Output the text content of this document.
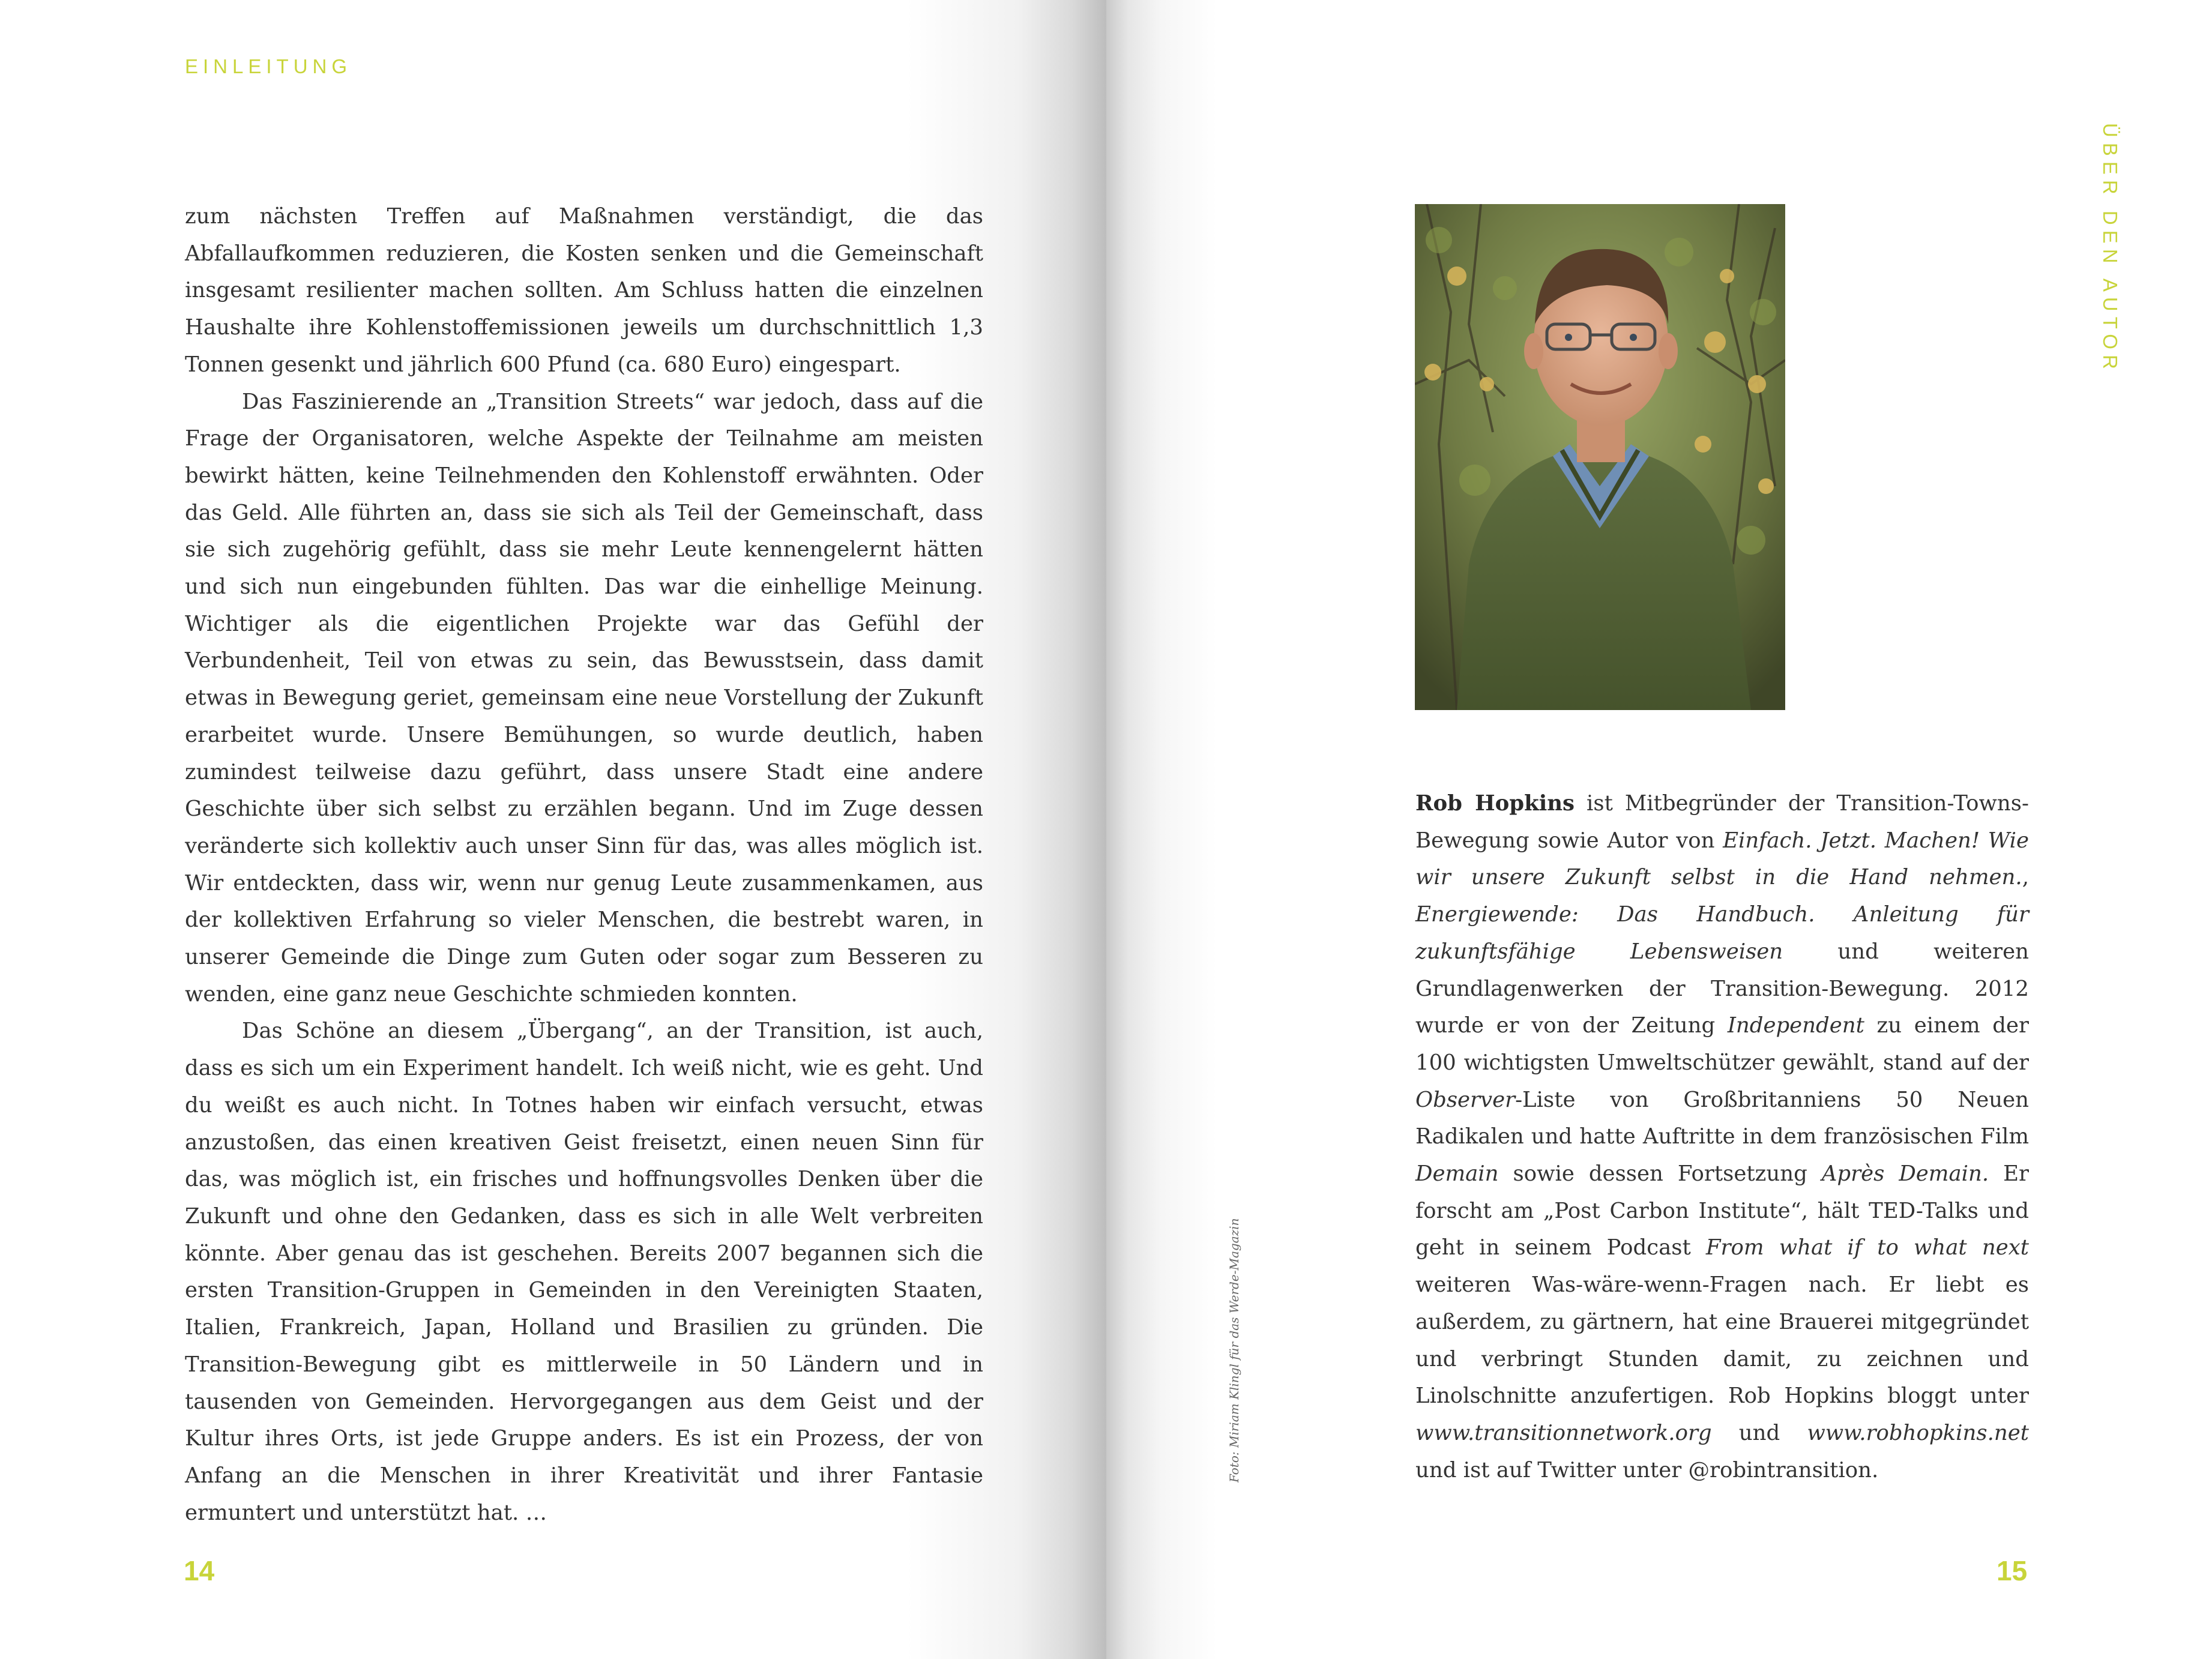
EINLEITUNG

zum nächsten Treffen auf Maßnahmen verständigt, die das Abfallaufkommen reduzieren, die Kosten senken und die Gemeinschaft insgesamt resilienter machen sollten. Am Schluss hatten die einzelnen Haushalte ihre Kohlenstoffemissionen jeweils um durchschnittlich 1,3 Tonnen gesenkt und jährlich 600 Pfund (ca. 680 Euro) eingespart.

Das Faszinierende an „Transition Streets“ war jedoch, dass auf die Frage der Organisatoren, welche Aspekte der Teilnahme am meisten bewirkt hätten, keine Teilnehmenden den Kohlenstoff erwähnten. Oder das Geld. Alle führten an, dass sie sich als Teil der Gemeinschaft, dass sie sich zugehörig gefühlt, dass sie mehr Leute kennengelernt hätten und sich nun eingebunden fühlten. Das war die einhellige Meinung. Wichtiger als die eigentlichen Projekte war das Gefühl der Verbundenheit, Teil von etwas zu sein, das Bewusstsein, dass damit etwas in Bewegung geriet, gemeinsam eine neue Vorstellung der Zukunft erarbeitet wurde. Unsere Bemühungen, so wurde deutlich, haben zumindest teilweise dazu geführt, dass unsere Stadt eine andere Geschichte über sich selbst zu erzählen begann. Und im Zuge dessen veränderte sich kollektiv auch unser Sinn für das, was alles möglich ist. Wir entdeckten, dass wir, wenn nur genug Leute zusammenkamen, aus der kollektiven Erfahrung so vieler Menschen, die bestrebt waren, in unserer Gemeinde die Dinge zum Guten oder sogar zum Besseren zu wenden, eine ganz neue Geschichte schmieden konnten.

Das Schöne an diesem „Übergang“, an der Transition, ist auch, dass es sich um ein Experiment handelt. Ich weiß nicht, wie es geht. Und du weißt es auch nicht. In Totnes haben wir einfach versucht, etwas anzustoßen, das einen kreativen Geist freisetzt, einen neuen Sinn für das, was möglich ist, ein frisches und hoffnungsvolles Denken über die Zukunft und ohne den Gedanken, dass es sich in alle Welt verbreiten könnte. Aber genau das ist geschehen. Bereits 2007 begannen sich die ersten Transition-Gruppen in Gemeinden in den Vereinigten Staaten, Italien, Frankreich, Japan, Holland und Brasilien zu gründen. Die Transition-Bewegung gibt es mittlerweile in 50 Ländern und in tausenden von Gemeinden. Hervorgegangen aus dem Geist und der Kultur ihres Orts, ist jede Gruppe anders. Es ist ein Prozess, der von Anfang an die Menschen in ihrer Kreativität und ihrer Fantasie ermuntert und unterstützt hat. …

14
ÜBER DEN AUTOR
Foto: Miriam Klingl für das Werde-Magazin

Rob Hopkins ist Mitbegründer der Transition-Towns-Bewegung sowie Autor von Einfach. Jetzt. Machen! Wie wir unsere Zukunft selbst in die Hand nehmen., Energiewende: Das Handbuch. Anleitung für zukunftsfähige Lebensweisen und weiteren Grundlagenwerken der Transition-Bewegung. 2012 wurde er von der Zeitung Independent zu einem der 100 wichtigsten Umweltschützer gewählt, stand auf der Observer-Liste von Großbritanniens 50 Neuen Radikalen und hatte Auftritte in dem französischen Film Demain sowie dessen Fortsetzung Après Demain. Er forscht am „Post Carbon Institute“, hält TED-Talks und geht in seinem Podcast From what if to what next weiteren Was-wäre-wenn-Fragen nach. Er liebt es außerdem, zu gärtnern, hat eine Brauerei mitgegründet und verbringt Stunden damit, zu zeichnen und Linolschnitte anzufertigen. Rob Hopkins bloggt unter www.transitionnetwork.org und www.robhopkins.net und ist auf Twitter unter @robintransition.

15
